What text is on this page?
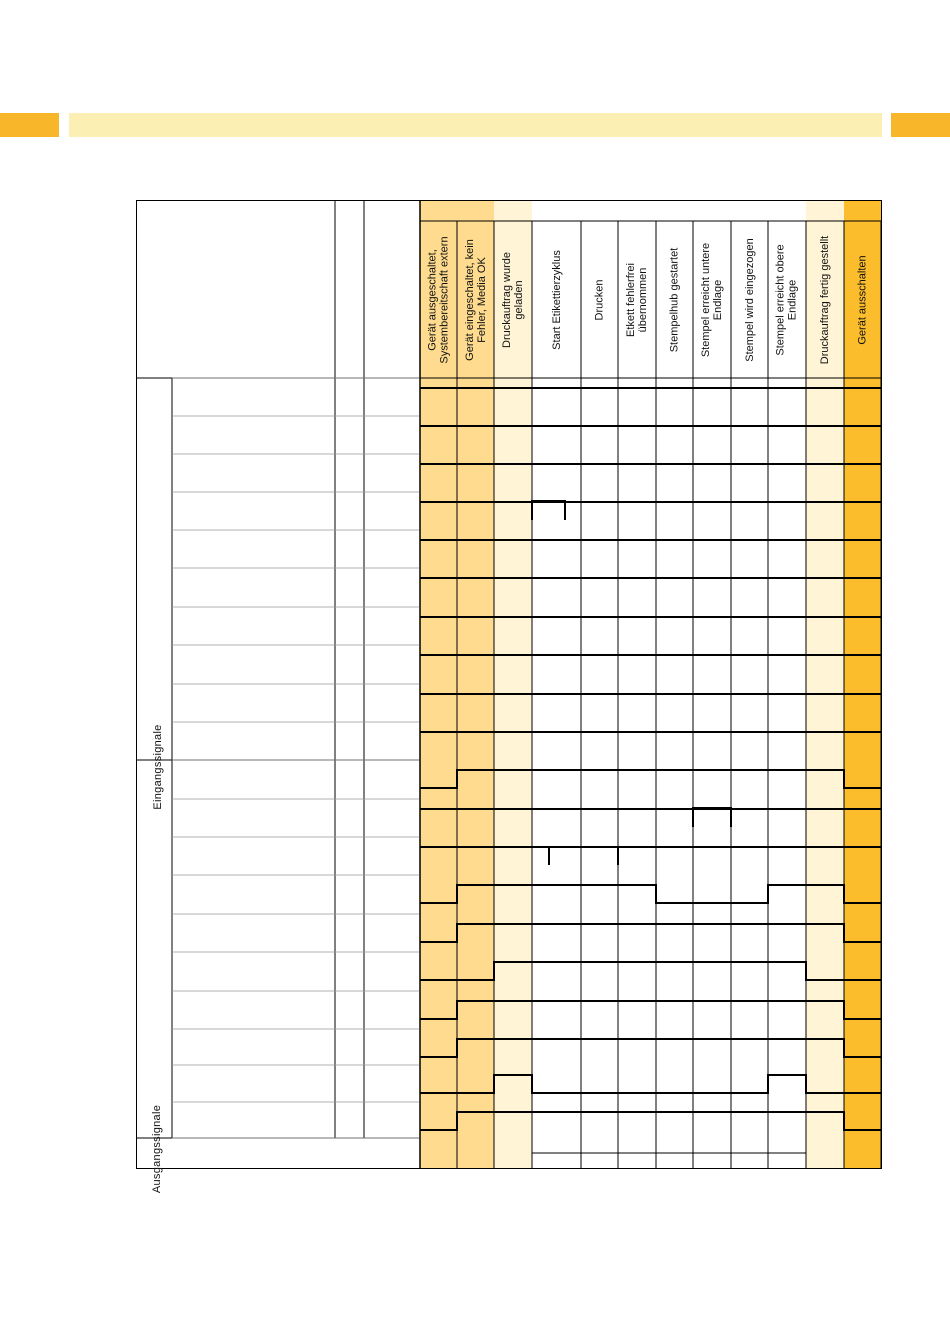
Gerät ausgeschaltet,
Systembereitschaft extern Gerät eingeschaltet, kein
Fehler, Media OK Druckauftrag wurde
geladen Start Etikettierzyklus	Drucken Etkett fehlerfrei
übernommen Stempelhub gestartet Stempel erreicht untere
Endlage Stempel wird eingezogen Stempel erreicht obere
Endlage Druckauftrag fertig gestellt Gerät ausschalten
Eingangssignale
Ausgangssignale
